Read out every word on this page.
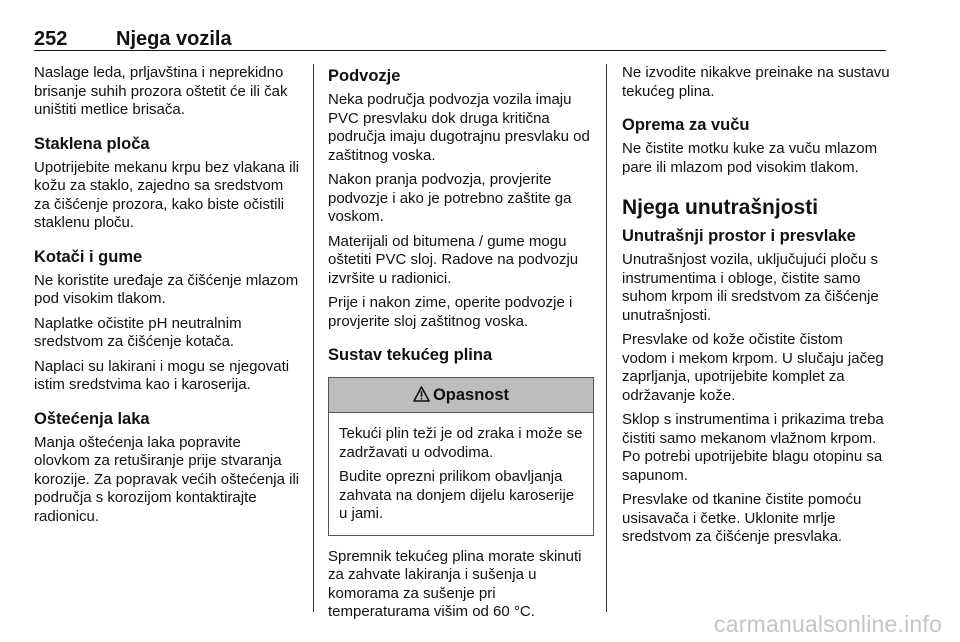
252 Njega vozila

Naslage leda, prljavština i neprekidno brisanje suhih prozora oštetit će ili čak uništiti metlice brisača.

Staklena ploča

Upotrijebite mekanu krpu bez vlakana ili kožu za staklo, zajedno sa sredstvom za čišćenje prozora, kako biste očistili staklenu ploču.

Kotači i gume

Ne koristite uređaje za čišćenje mlazom pod visokim tlakom.

Naplatke očistite pH neutralnim sredstvom za čišćenje kotača.

Naplaci su lakirani i mogu se njegovati istim sredstvima kao i karoserija.

Oštećenja laka

Manja oštećenja laka popravite olovkom za retuširanje prije stvaranja korozije. Za popravak većih oštećenja ili područja s korozijom kontaktirajte radionicu.

Podvozje

Neka područja podvozja vozila imaju PVC presvlaku dok druga kritična područja imaju dugotrajnu presvlaku od zaštitnog voska.

Nakon pranja podvozja, provjerite podvozje i ako je potrebno zaštite ga voskom.

Materijali od bitumena / gume mogu oštetiti PVC sloj. Radove na podvozju izvršite u radionici.

Prije i nakon zime, operite podvozje i provjerite sloj zaštitnog voska.

Sustav tekućeg plina
Opasnost

Tekući plin teži je od zraka i može se zadržavati u odvodima.

Budite oprezni prilikom obavljanja zahvata na donjem dijelu karoserije u jami.

Spremnik tekućeg plina morate skinuti za zahvate lakiranja i sušenja u komorama za sušenje pri temperaturama višim od 60 °C.

Ne izvodite nikakve preinake na sustavu tekućeg plina.

Oprema za vuču

Ne čistite motku kuke za vuču mlazom pare ili mlazom pod visokim tlakom.

Njega unutrašnjosti
Unutrašnji prostor i presvlake

Unutrašnjost vozila, uključujući ploču s instrumentima i obloge, čistite samo suhom krpom ili sredstvom za čišćenje unutrašnjosti.

Presvlake od kože očistite čistom vodom i mekom krpom. U slučaju jačeg zaprljanja, upotrijebite komplet za održavanje kože.

Sklop s instrumentima i prikazima treba čistiti samo mekanom vlažnom krpom. Po potrebi upotrijebite blagu otopinu sa sapunom.

Presvlake od tkanine čistite pomoću usisavača i četke. Uklonite mrlje sredstvom za čišćenje presvlaka.

carmanualsonline.info
